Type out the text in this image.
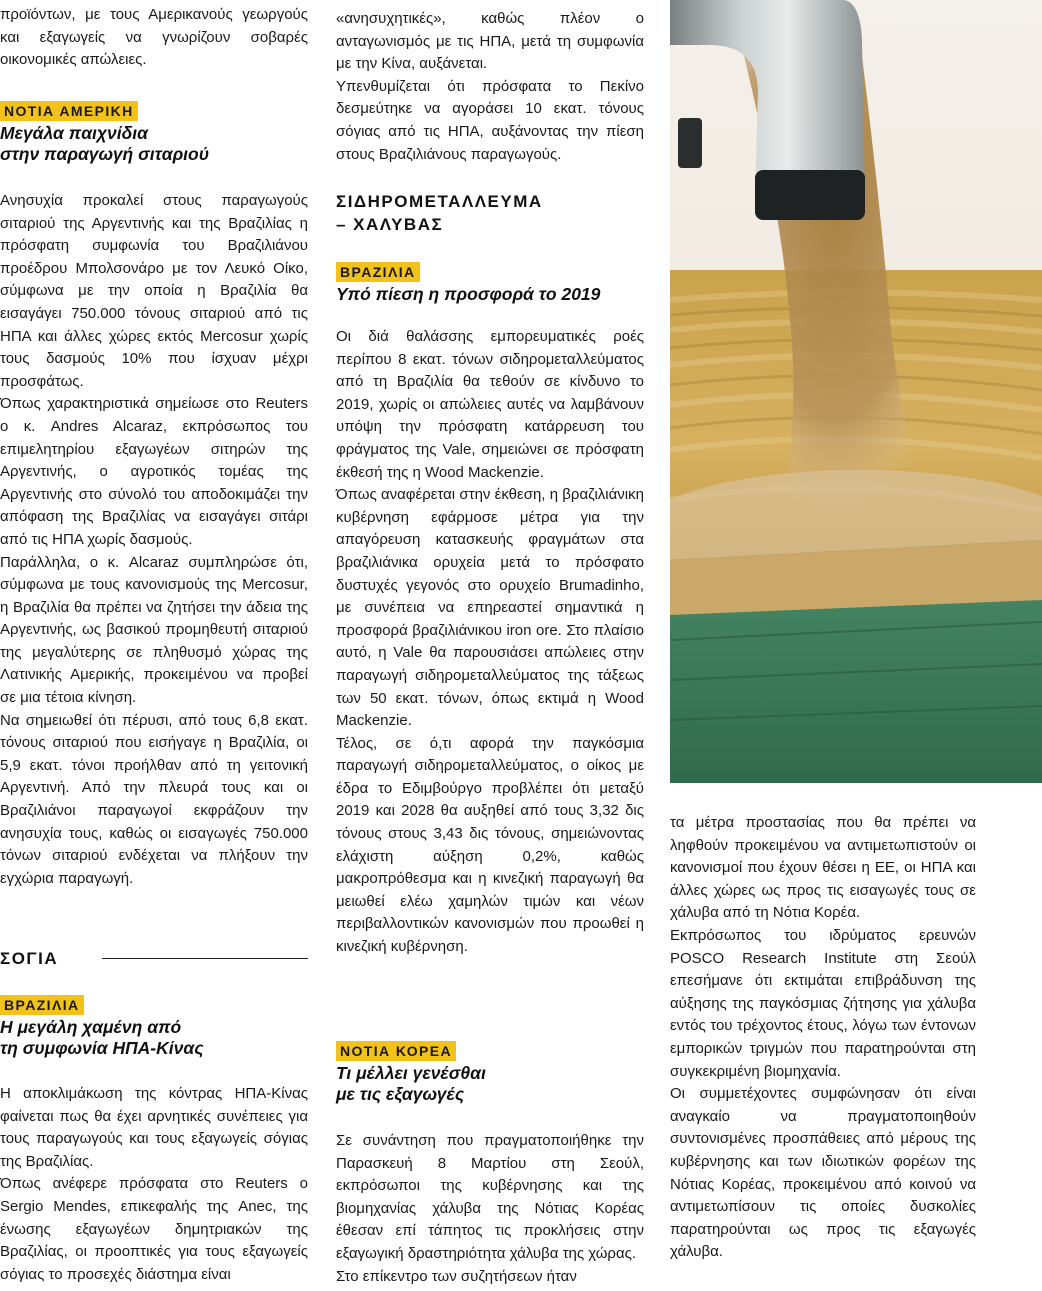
προϊόντων, με τους Αμερικανούς γεωργούς και εξαγωγείς να γνωρίζουν σοβαρές οικονομικές απώλειες.

ΝΟΤΙΑ ΑΜΕΡΙΚΗ

Μεγάλα παιχνίδια

στην παραγωγή σιταριού

Ανησυχία προκαλεί στους παραγωγούς σιταριού της Αργεντινής και της Βραζιλίας η πρόσφατη συμφωνία του Βραζιλιάνου προέδρου Μπολσονάρο με τον Λευκό Οίκο, σύμφωνα με την οποία η Βραζιλία θα εισαγάγει 750.000 τόνους σιταριού από τις ΗΠΑ και άλλες χώρες εκτός Mercosur χωρίς τους δασμούς 10% που ίσχυαν μέχρι προσφάτως.

Όπως χαρακτηριστικά σημείωσε στο Reuters ο κ. Andres Alcaraz, εκπρόσωπος του επιμελητηρίου εξαγωγέων σιτηρών της Αργεντινής, ο αγροτικός τομέας της Αργεντινής στο σύνολό του αποδοκιμάζει την απόφαση της Βραζιλίας να εισαγάγει σιτάρι από τις ΗΠΑ χωρίς δασμούς.

Παράλληλα, ο κ. Alcaraz συμπληρώσε ότι, σύμφωνα με τους κανονισμούς της Mercosur, η Βραζιλία θα πρέπει να ζητήσει την άδεια της Αργεντινής, ως βασικού προμηθευτή σιταριού της μεγαλύτερης σε πληθυσμό χώρας της Λατινικής Αμερικής, προκειμένου να προβεί σε μια τέτοια κίνηση.

Να σημειωθεί ότι πέρυσι, από τους 6,8 εκατ. τόνους σιταριού που εισήγαγε η Βραζιλία, οι 5,9 εκατ. τόνοι προήλθαν από τη γειτονική Αργεντινή. Από την πλευρά τους και οι Βραζιλιάνοι παραγωγοί εκφράζουν την ανησυχία τους, καθώς οι εισαγωγές 750.000 τόνων σιταριού ενδέχεται να πλήξουν την εγχώρια παραγωγή.

ΣΟΓΙΑ

ΒΡΑΖΙΛΙΑ

Η μεγάλη χαμένη από

τη συμφωνία ΗΠΑ-Κίνας

Η αποκλιμάκωση της κόντρας ΗΠΑ-Κίνας φαίνεται πως θα έχει αρνητικές συνέπειες για τους παραγωγούς και τους εξαγωγείς σόγιας της Βραζιλίας.

Όπως ανέφερε πρόσφατα στο Reuters ο Sergio Mendes, επικεφαλής της Anec, της ένωσης εξαγωγέων δημητριακών της Βραζιλίας, οι προοπτικές για τους εξαγωγείς σόγιας το προσεχές διάστημα είναι

«ανησυχητικές», καθώς πλέον ο ανταγωνισμός με τις ΗΠΑ, μετά τη συμφωνία με την Κίνα, αυξάνεται.

Υπενθυμίζεται ότι πρόσφατα το Πεκίνο δεσμεύτηκε να αγοράσει 10 εκατ. τόνους σόγιας από τις ΗΠΑ, αυξάνοντας την πίεση στους Βραζιλιάνους παραγωγούς.

ΣΙΔΗΡΟΜΕΤΑΛΛΕΥΜΑ

– ΧΑΛΥΒΑΣ

ΒΡΑΖΙΛΙΑ

Υπό πίεση η προσφορά το 2019

Οι διά θαλάσσης εμπορευματικές ροές περίπου 8 εκατ. τόνων σιδηρομεταλλεύματος από τη Βραζιλία θα τεθούν σε κίνδυνο το 2019, χωρίς οι απώλειες αυτές να λαμβάνουν υπόψη την πρόσφατη κατάρρευση του φράγματος της Vale, σημειώνει σε πρόσφατη έκθεσή της η Wood Mackenzie.

Όπως αναφέρεται στην έκθεση, η βραζιλιάνικη κυβέρνηση εφάρμοσε μέτρα για την απαγόρευση κατασκευής φραγμάτων στα βραζιλιάνικα ορυχεία μετά το πρόσφατο δυστυχές γεγονός στο ορυχείο Brumadinho, με συνέπεια να επηρεαστεί σημαντικά η προσφορά βραζιλιάνικου iron ore. Στο πλαίσιο αυτό, η Vale θα παρουσιάσει απώλειες στην παραγωγή σιδηρομεταλλεύματος της τάξεως των 50 εκατ. τόνων, όπως εκτιμά η Wood Mackenzie.

Τέλος, σε ό,τι αφορά την παγκόσμια παραγωγή σιδηρομεταλλεύματος, ο οίκος με έδρα το Εδιμβούργο προβλέπει ότι μεταξύ 2019 και 2028 θα αυξηθεί από τους 3,32 δις τόνους στους 3,43 δις τόνους, σημειώνοντας ελάχιστη αύξηση 0,2%, καθώς μακροπρόθεσμα και η κινεζική παραγωγή θα μειωθεί ελέω χαμηλών τιμών και νέων περιβαλλοντικών κανονισμών που προωθεί η κινεζική κυβέρνηση.

ΝΟΤΙΑ ΚΟΡΕΑ

Τι μέλλει γενέσθαι

με τις εξαγωγές

Σε συνάντηση που πραγματοποιήθηκε την Παρασκευή 8 Μαρτίου στη Σεούλ, εκπρόσωποι της κυβέρνησης και της βιομηχανίας χάλυβα της Νότιας Κορέας έθεσαν επί τάπητος τις προκλήσεις στην εξαγωγική δραστηριότητα χάλυβα της χώρας.

Στο επίκεντρο των συζητήσεων ήταν

τα μέτρα προστασίας που θα πρέπει να ληφθούν προκειμένου να αντιμετωπιστούν οι κανονισμοί που έχουν θέσει η ΕΕ, οι ΗΠΑ και άλλες χώρες ως προς τις εισαγωγές τους σε χάλυβα από τη Νότια Κορέα.

Εκπρόσωπος του ιδρύματος ερευνών POSCO Research Institute στη Σεούλ επεσήμανε ότι εκτιμάται επιβράδυνση της αύξησης της παγκόσμιας ζήτησης για χάλυβα εντός του τρέχοντος έτους, λόγω των έντονων εμπορικών τριγμών που παρατηρούνται στη συγκεκριμένη βιομηχανία.

Οι συμμετέχοντες συμφώνησαν ότι είναι αναγκαίο να πραγματοποιηθούν συντονισμένες προσπάθειες από μέρους της κυβέρνησης και των ιδιωτικών φορέων της Νότιας Κορέας, προκειμένου από κοινού να αντιμετωπίσουν τις οποίες δυσκολίες παρατηρούνται ως προς τις εξαγωγές χάλυβα.
